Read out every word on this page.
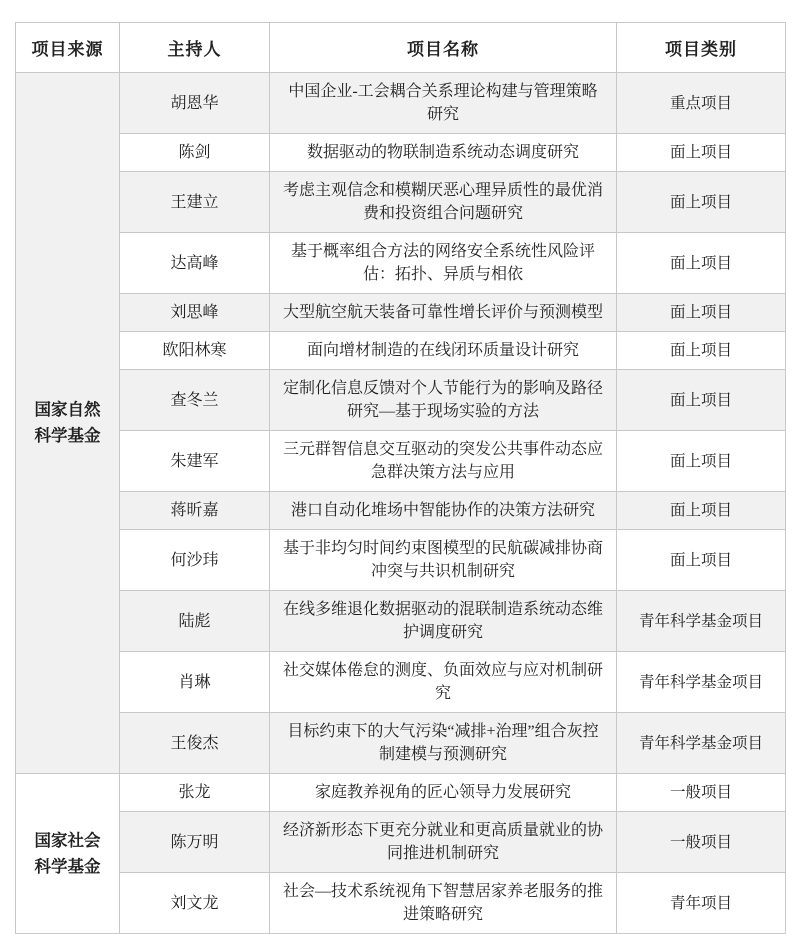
项目来源	主持人	项目名称	项目类别
国家自然科学基金	胡恩华	中国企业-工会耦合关系理论构建与管理策略研究	重点项目
	陈剑	数据驱动的物联制造系统动态调度研究	面上项目
	王建立	考虑主观信念和模糊厌恶心理异质性的最优消费和投资组合问题研究	面上项目
	达高峰	基于概率组合方法的网络安全系统性风险评估：拓扑、异质与相依	面上项目
	刘思峰	大型航空航天装备可靠性增长评价与预测模型	面上项目
	欧阳林寒	面向增材制造的在线闭环质量设计研究	面上项目
	查冬兰	定制化信息反馈对个人节能行为的影响及路径研究—基于现场实验的方法	面上项目
	朱建军	三元群智信息交互驱动的突发公共事件动态应急群决策方法与应用	面上项目
	蒋昕嘉	港口自动化堆场中智能协作的决策方法研究	面上项目
	何沙玮	基于非均匀时间约束图模型的民航碳减排协商冲突与共识机制研究	面上项目
	陆彪	在线多维退化数据驱动的混联制造系统动态维护调度研究	青年科学基金项目
	肖琳	社交媒体倦怠的测度、负面效应与应对机制研究	青年科学基金项目
	王俊杰	目标约束下的大气污染“减排+治理”组合灰控制建模与预测研究	青年科学基金项目
国家社会科学基金	张龙	家庭教养视角的匠心领导力发展研究	一般项目
	陈万明	经济新形态下更充分就业和更高质量就业的协同推进机制研究	一般项目
	刘文龙	社会—技术系统视角下智慧居家养老服务的推进策略研究	青年项目
